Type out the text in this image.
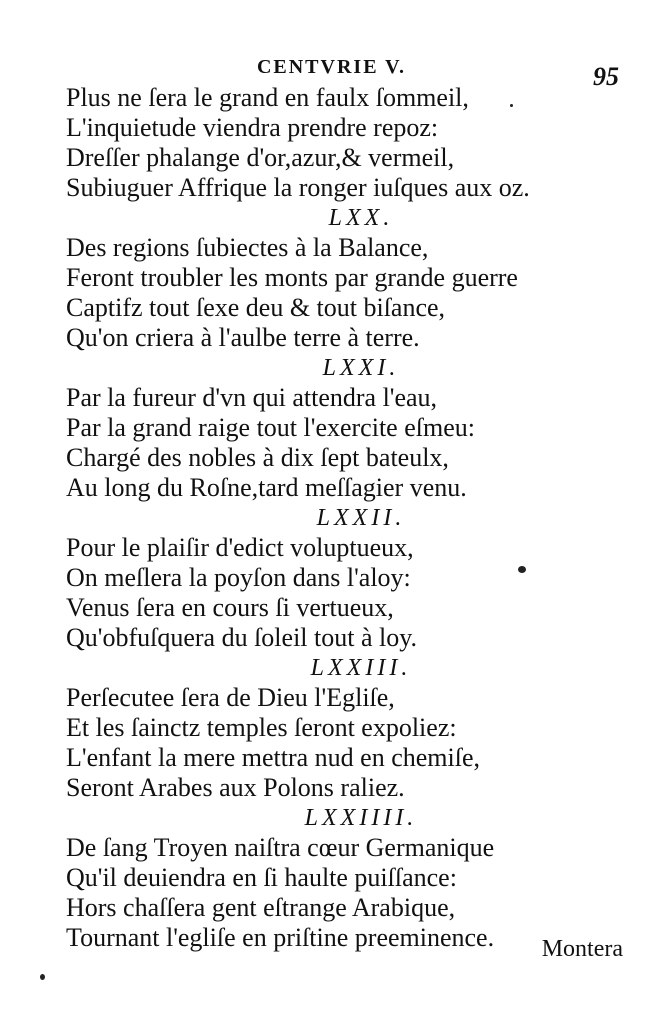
CENTVRIE V.	95
Plus ne ſera le grand en faulx ſommeil,
L'inquietude viendra prendre repoz:
Dreſſer phalange d'or,azur,& vermeil,
Subiuguer Affrique la ronger iuſques aux oz.
LXX.
Des regions ſubiectes à la Balance,
Feront troubler les monts par grande guerre
Captifz tout ſexe deu & tout biſance,
Qu'on criera à l'aulbe terre à terre.
LXXI.
Par la fureur d'vn qui attendra l'eau,
Par la grand raige tout l'exercite eſmeu:
Chargé des nobles à dix ſept bateulx,
Au long du Roſne,tard meſſagier venu.
LXXII.
Pour le plaiſir d'edict voluptueux,
On meſlera la poyſon dans l'aloy:
Venus ſera en cours ſi vertueux,
Qu'obfuſquera du ſoleil tout à loy.
LXXIII.
Perſecutee ſera de Dieu l'Egliſe,
Et les ſainctz temples ſeront expoliez:
L'enfant la mere mettra nud en chemiſe,
Seront Arabes aux Polons raliez.
LXXIIII.
De ſang Troyen naiſtra cœur Germanique
Qu'il deuiendra en ſi haulte puiſſance:
Hors chaſſera gent eſtrange Arabique,
Tournant l'egliſe en priſtine preeminence.	Montera
